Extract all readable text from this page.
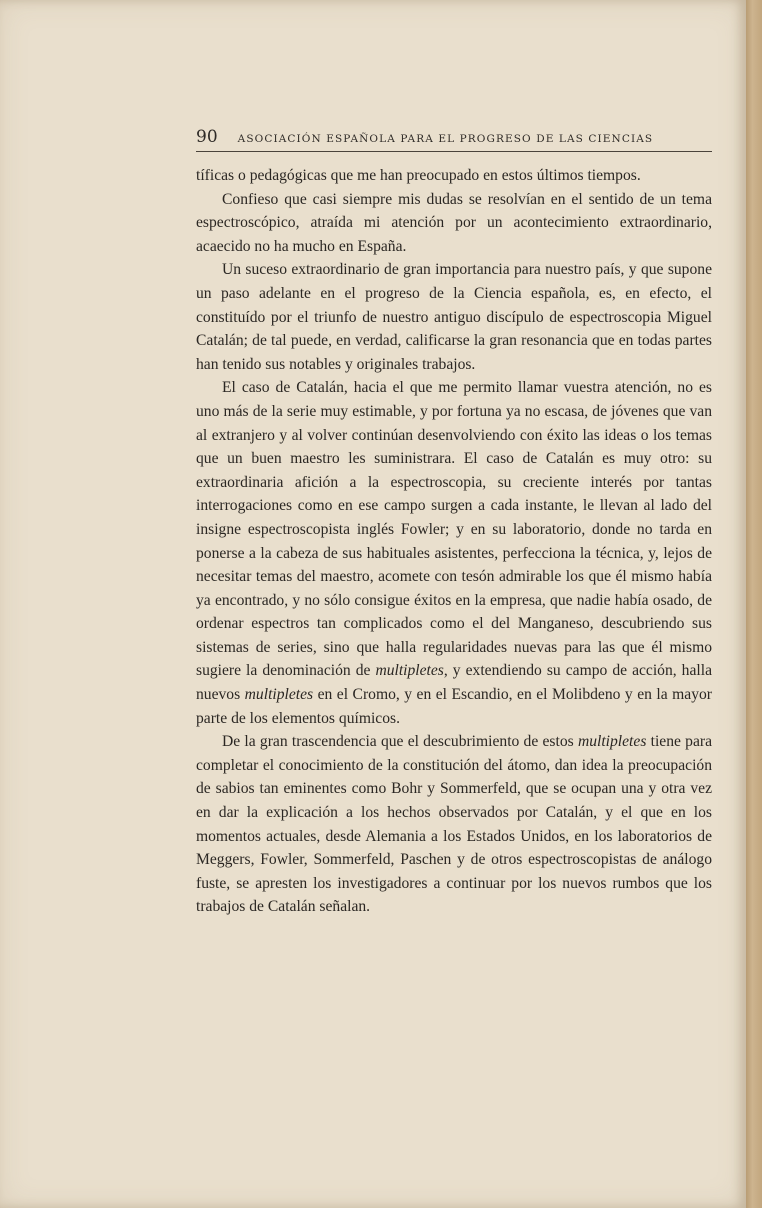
90 ASOCIACIÓN ESPAÑOLA PARA EL PROGRESO DE LAS CIENCIAS

tíficas o pedagógicas que me han preocupado en estos últimos tiempos.

Confieso que casi siempre mis dudas se resolvían en el sentido de un tema espectroscópico, atraída mi atención por un acontecimiento extraordinario, acaecido no ha mucho en España.

Un suceso extraordinario de gran importancia para nuestro país, y que supone un paso adelante en el progreso de la Ciencia española, es, en efecto, el constituído por el triunfo de nuestro antiguo discípulo de espectroscopia Miguel Catalán; de tal puede, en verdad, calificarse la gran resonancia que en todas partes han tenido sus notables y originales trabajos.

El caso de Catalán, hacia el que me permito llamar vuestra atención, no es uno más de la serie muy estimable, y por fortuna ya no escasa, de jóvenes que van al extranjero y al volver continúan desenvolviendo con éxito las ideas o los temas que un buen maestro les suministrara. El caso de Catalán es muy otro: su extraordinaria afición a la espectroscopia, su creciente interés por tantas interrogaciones como en ese campo surgen a cada instante, le llevan al lado del insigne espectroscopista inglés Fowler; y en su laboratorio, donde no tarda en ponerse a la cabeza de sus habituales asistentes, perfecciona la técnica, y, lejos de necesitar temas del maestro, acomete con tesón admirable los que él mismo había ya encontrado, y no sólo consigue éxitos en la empresa, que nadie había osado, de ordenar espectros tan complicados como el del Manganeso, descubriendo sus sistemas de series, sino que halla regularidades nuevas para las que él mismo sugiere la denominación de multipletes, y extendiendo su campo de acción, halla nuevos multipletes en el Cromo, y en el Escandio, en el Molibdeno y en la mayor parte de los elementos químicos.

De la gran trascendencia que el descubrimiento de estos multipletes tiene para completar el conocimiento de la constitución del átomo, dan idea la preocupación de sabios tan eminentes como Bohr y Sommerfeld, que se ocupan una y otra vez en dar la explicación a los hechos observados por Catalán, y el que en los momentos actuales, desde Alemania a los Estados Unidos, en los laboratorios de Meggers, Fowler, Sommerfeld, Paschen y de otros espectroscopistas de análogo fuste, se apresten los investigadores a continuar por los nuevos rumbos que los trabajos de Catalán señalan.
